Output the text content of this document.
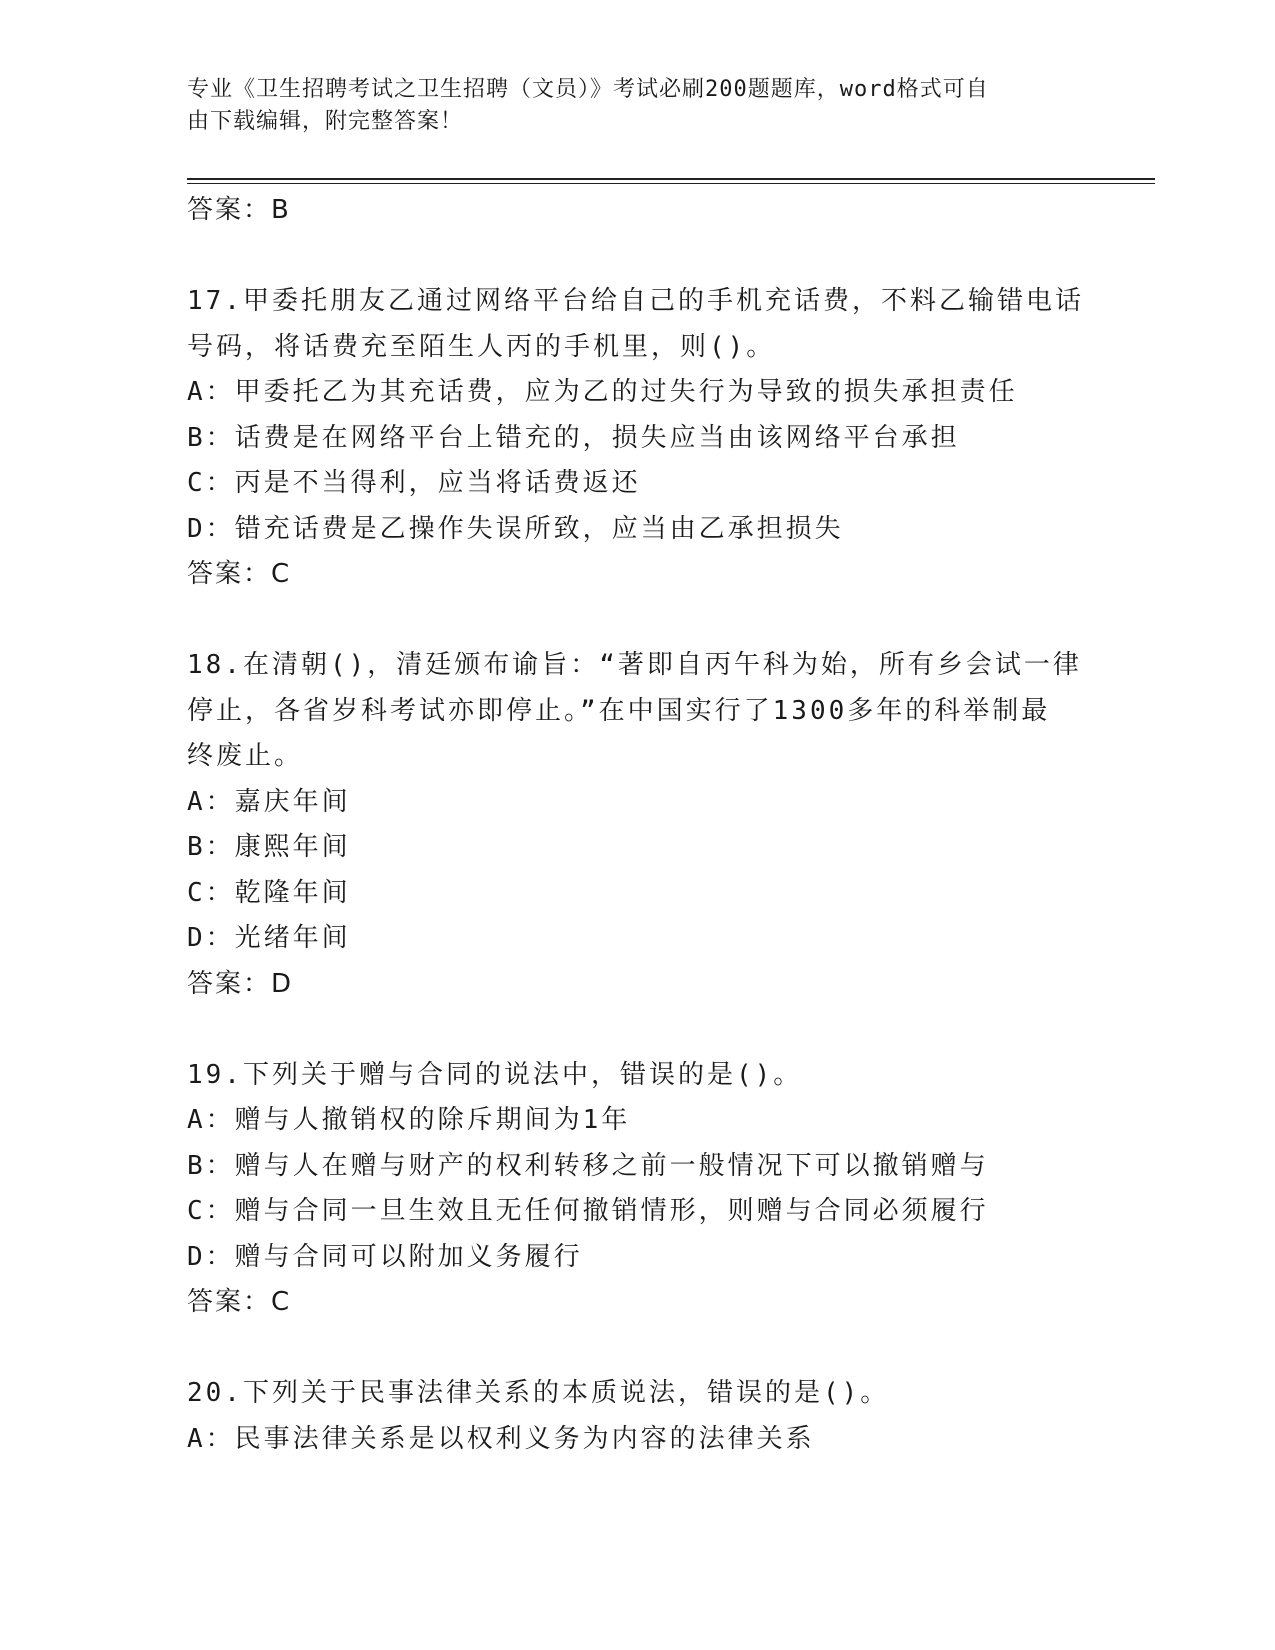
专业《卫生招聘考试之卫生招聘（文员）》考试必刷200题题库，word格式可自
由下载编辑，附完整答案！
答案：B
17.甲委托朋友乙通过网络平台给自己的手机充话费，不料乙输错电话
号码，将话费充至陌生人丙的手机里，则()。
A：甲委托乙为其充话费，应为乙的过失行为导致的损失承担责任
B：话费是在网络平台上错充的，损失应当由该网络平台承担
C：丙是不当得利，应当将话费返还
D：错充话费是乙操作失误所致，应当由乙承担损失
答案：C
18.在清朝()，清廷颁布谕旨：“著即自丙午科为始，所有乡会试一律
停止，各省岁科考试亦即停止。”在中国实行了1300多年的科举制最
终废止。
A：嘉庆年间
B：康熙年间
C：乾隆年间
D：光绪年间
答案：D
19.下列关于赠与合同的说法中，错误的是()。
A：赠与人撤销权的除斥期间为1年
B：赠与人在赠与财产的权利转移之前一般情况下可以撤销赠与
C：赠与合同一旦生效且无任何撤销情形，则赠与合同必须履行
D：赠与合同可以附加义务履行
答案：C
20.下列关于民事法律关系的本质说法，错误的是()。
A：民事法律关系是以权利义务为内容的法律关系
